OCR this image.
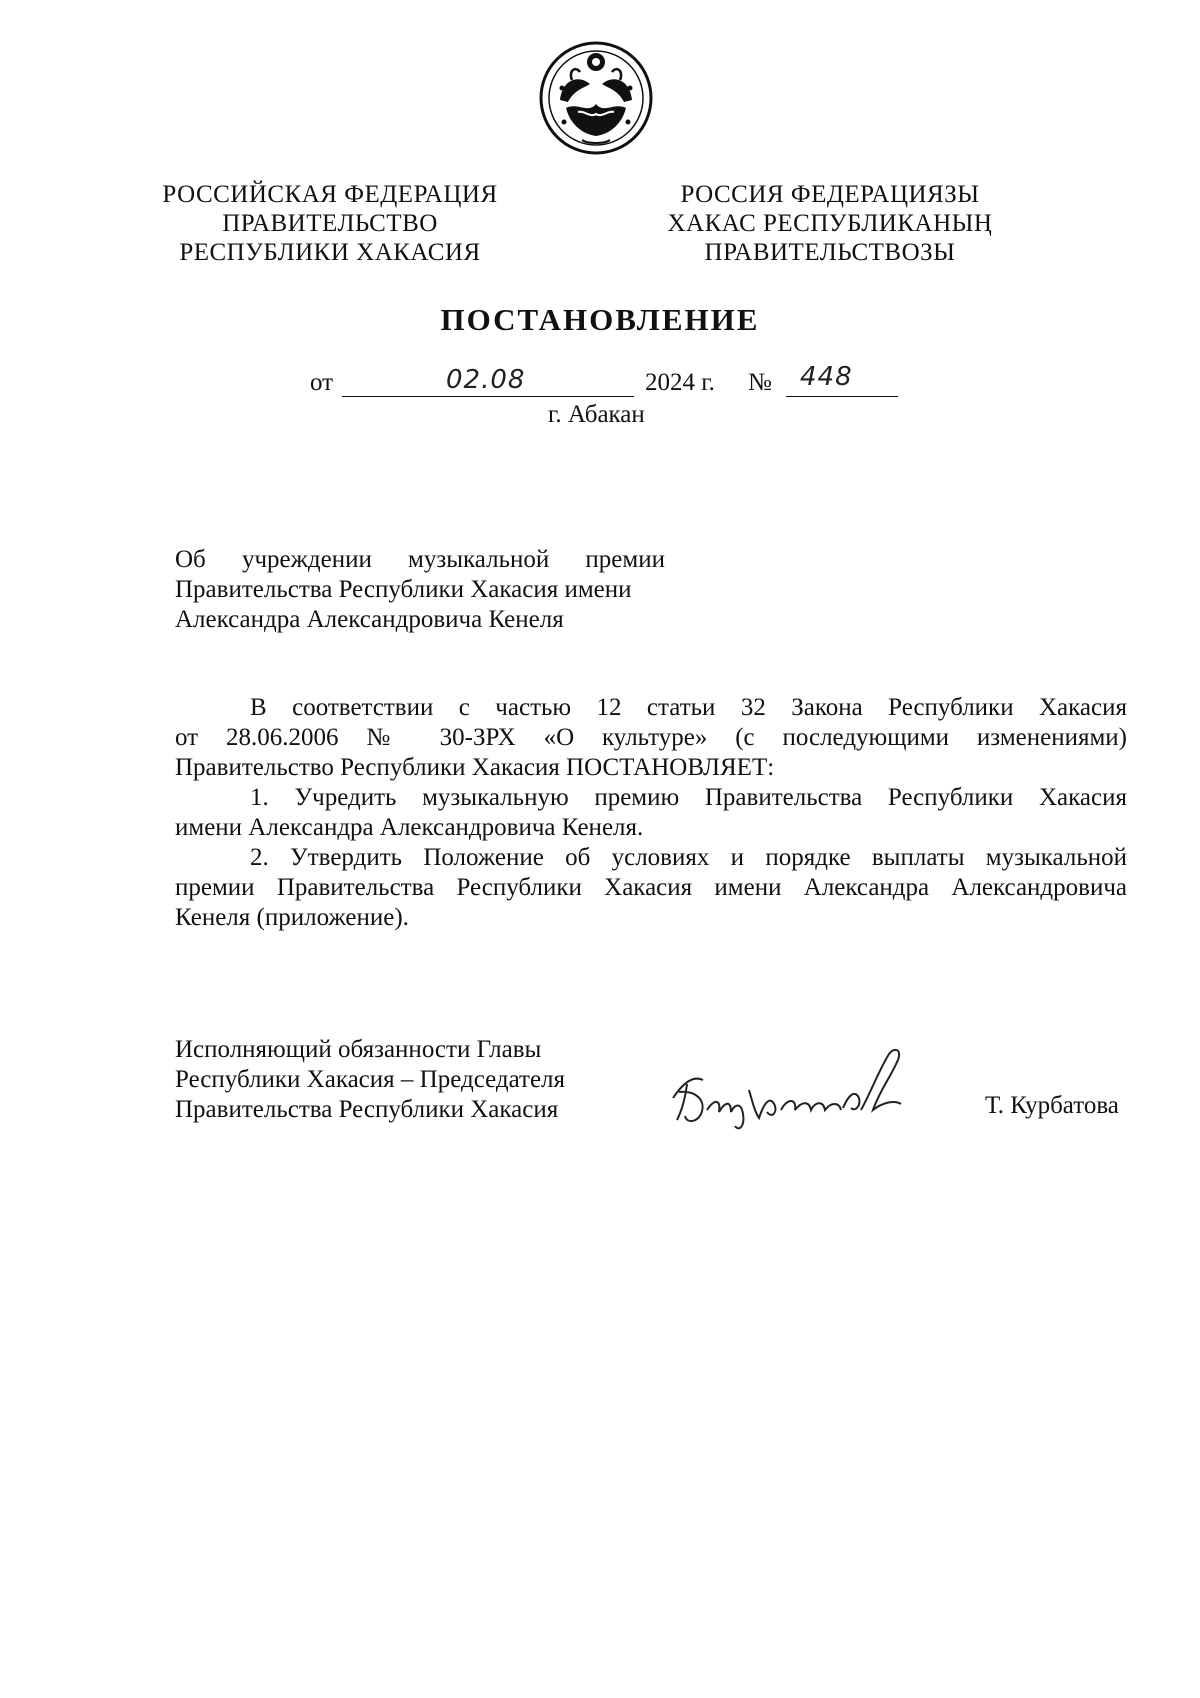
РОССИЙСКАЯ ФЕДЕРАЦИЯ
ПРАВИТЕЛЬСТВО
РЕСПУБЛИКИ ХАКАСИЯ
РОССИЯ ФЕДЕРАЦИЯЗЫ
ХАКАС РЕСПУБЛИКАНЫҢ
ПРАВИТЕЛЬСТВОЗЫ
ПОСТАНОВЛЕНИЕ
от	02.08	2024 г. № 448
г. Абакан
Об учреждении музыкальной премии
Правительства Республики Хакасия имени
Александра Александровича Кенеля

В соответствии с частью 12 статьи 32 Закона Республики Хакасия

от 28.06.2006 № 30-ЗРХ «О культуре» (с последующими изменениями)

Правительство Республики Хакасия ПОСТАНОВЛЯЕТ:

1. Учредить музыкальную премию Правительства Республики Хакасия

имени Александра Александровича Кенеля.

2. Утвердить Положение об условиях и порядке выплаты музыкальной

премии Правительства Республики Хакасия имени Александра Александровича

Кенеля (приложение).

Исполняющий обязанности Главы
Республики Хакасия – Председателя
Правительства Республики Хакасия	Т. Курбатова
